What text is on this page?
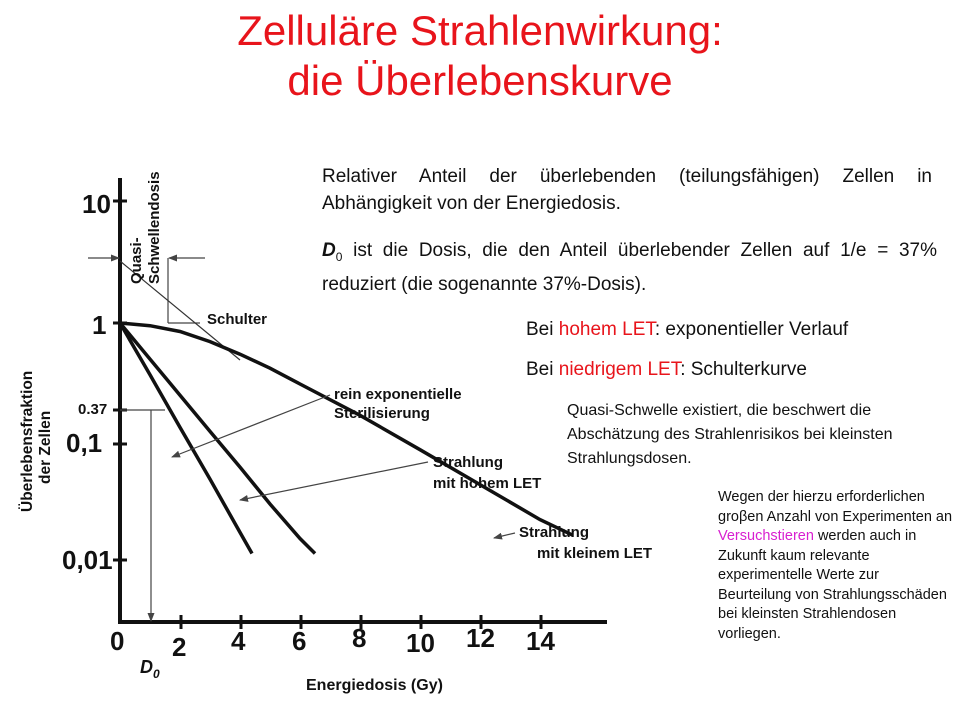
Zelluläre Strahlenwirkung:
die Überlebenskurve
10
1
0.37
0,1
0,01
0 2 4 6 8 10 12 14
Energiedosis (Gy)
Überlebensfraktion der Zellen
$D_0$
Quasi- Schwellendosis
Schulter
rein exponentielle
Sterilisierung
Strahlung
mit hohem LET
Strahlung
mit kleinem LET
Relativer Anteil der überlebenden (teilungsfähigen) Zellen in Abhängigkeit von der Energiedosis.
$D_0$ ist die Dosis, die den Anteil überlebender Zellen auf 1/e = 37% reduziert (die sogenannte 37%-Dosis).
Bei hohem LET: exponentieller Verlauf
Bei niedrigem LET: Schulterkurve
Quasi-Schwelle existiert, die beschwert die Abschätzung des Strahlenrisikos bei kleinsten Strahlungsdosen.
Wegen der hierzu erforderlichen groβen Anzahl von Experimenten an Versuchstieren werden auch in Zukunft kaum relevante experimentelle Werte zur Beurteilung von Strahlungsschäden bei kleinsten Strahlendosen vorliegen.
